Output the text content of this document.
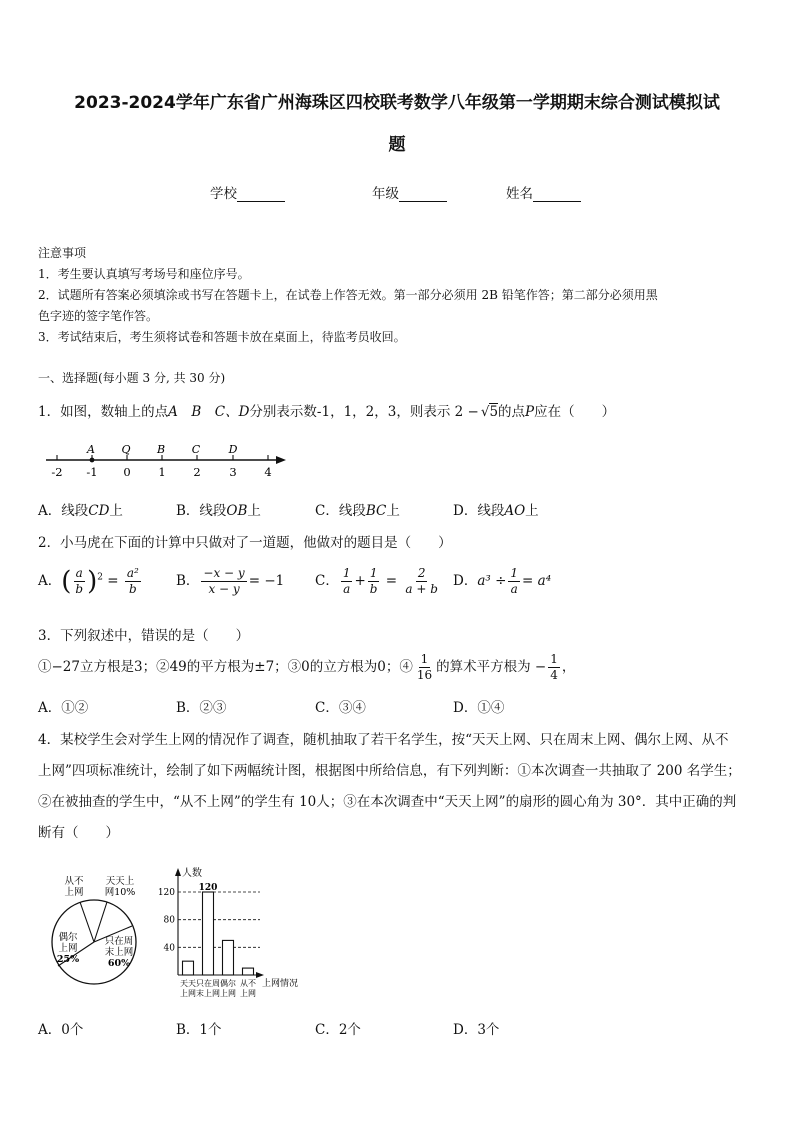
2023-2024学年广东省广州海珠区四校联考数学八年级第一学期期末综合测试模拟试
题
学校	年级	姓名
注意事项
1．考生要认真填写考场号和座位序号。
2．试题所有答案必须填涂或书写在答题卡上，在试卷上作答无效。第一部分必须用 2B 铅笔作答；第二部分必须用黑
色字迹的签字笔作答。
3．考试结束后，考生须将试卷和答题卡放在桌面上，待监考员收回。
一、选择题(每小题 3 分, 共 30 分)
1．如图，数轴上的点A　B　C、D分别表示数-1，1，2，3，则表示 2 − √5的点P应在（　　）
A Q B C	D
-2 -1 0 1 2 3 4
A．线段CD上	B．线段OB上	C．线段BC上	D．线段AO上
2．小马虎在下面的计算中只做对了一道题，他做对的题目是（　　）
A．( $\frac{a}{b} )^2 = \frac{\text{a²}}{b}$	B． $\frac{-x - y}{x - y} = -1$ C． $\frac{1}{a} + \frac{1}{b} = \frac{2}{a + b}$ D．$a^3 \div \frac{1}{a} = a^4$
3．下列叙述中，错误的是（　　）
①−27立方根是3；②49的平方根为±7；③0的立方根为0；④ $\frac{1}{16}$ 的算术平方根为 − $\frac{1}{4}$ ，
A．①②	B．②③	C．③④	D．①④
4．某校学生会对学生上网的情况作了调查，随机抽取了若干名学生，按“天天上网、只在周末上网、偶尔上网、从不
上网”四项标准统计，绘制了如下两幅统计图，根据图中所给信息，有下列判断：①本次调查一共抽取了 200 名学生；
②在被抽查的学生中，“从不上网”的学生有 10人；③在本次调查中“天天上网”的扇形的圆心角为 30°．其中正确的判
断有（　　）
从不
上网
天天上
网10%
只在周
末上网
60%
偶尔
上网
25%
人数
上网情况
40
80
120
天天
上网
120
只在周
末上网
偶尔
上网
从不
上网
A．0个	B．1个	C．2个	D．3个
